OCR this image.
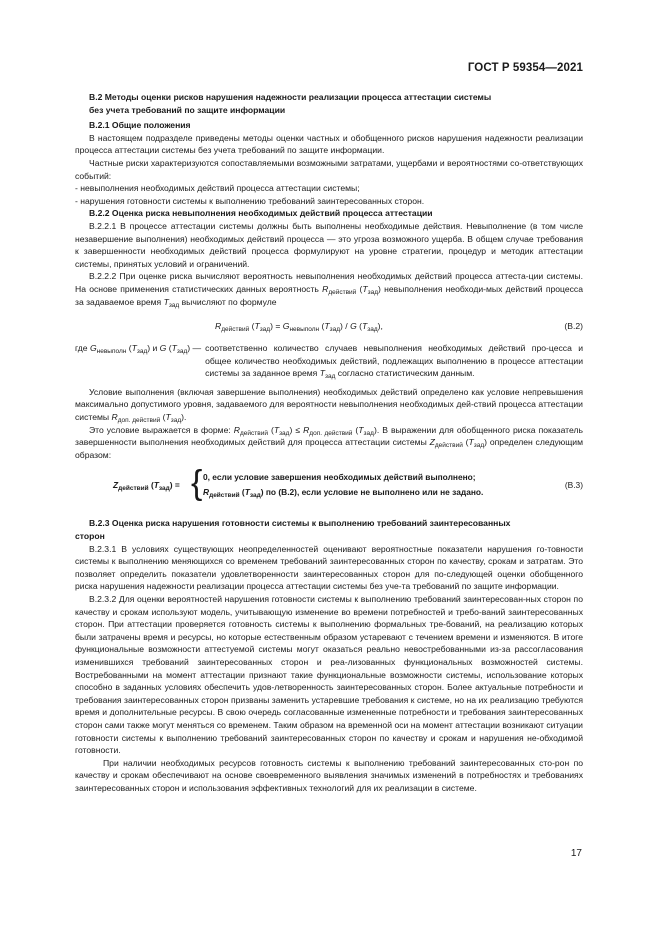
ГОСТ Р 59354—2021

В.2 Методы оценки рисков нарушения надежности реализации процесса аттестации системы

без учета требований по защите информации

В.2.1 Общие положения

В настоящем подразделе приведены методы оценки частных и обобщенного рисков нарушения надежности реализации процесса аттестации системы без учета требований по защите информации.

Частные риски характеризуются сопоставляемыми возможными затратами, ущербами и вероятностями со-ответствующих событий:

- невыполнения необходимых действий процесса аттестации системы;

- нарушения готовности системы к выполнению требований заинтересованных сторон.

В.2.2 Оценка риска невыполнения необходимых действий процесса аттестации

В.2.2.1 В процессе аттестации системы должны быть выполнены необходимые действия. Невыполнение (в том числе незавершение выполнения) необходимых действий процесса — это угроза возможного ущерба. В общем случае требования к завершенности необходимых действий процесса формулируют на уровне стратегии, процедур и методик аттестации системы, принятых условий и ограничений.

В.2.2.2 При оценке риска вычисляют вероятность невыполнения необходимых действий процесса аттеста-ции системы. На основе применения статистических данных вероятность $R_{действий}$ $(T_{зад})$ невыполнения необходи-мых действий процесса за задаваемое время $T_{зад}$ вычисляют по формуле

$R_{действий}$ $(T_{зад}) = G_{невыполн}$ $(T_{зад})$ / G $(T_{зад})$,	(В.2)
где $G_{невыполн}$ $(T_{зад})$ и G $(T_{зад})$ — соответственно количество случаев невыполнения необходимых действий про-цесса и общее количество необходимых действий, подлежащих выполнению в процессе аттестации системы за заданное время $T_{зад}$ согласно статистическим данным.

Условие выполнения (включая завершение выполнения) необходимых действий определено как условие непревышения максимально допустимого уровня, задаваемого для вероятности невыполнения необходимых дей-ствий процесса аттестации системы $R_{доп. действий}$ $(T_{зад})$.

Это условие выражается в форме: $R_{действий}$ $(T_{зад}) \le R_{доп. действий}$ $(T_{зад})$. В выражении для обобщенного риска показатель завершенности выполнения необходимых действий для процесса аттестации системы $Z_{действий}$ $(T_{зад})$ определен следующим образом:

$Z_{действий}$ $(T_{зад})$ = { 0, если условие завершения необходимых действий выполнено;
$R_{действий}$ $(T_{зад})$ по (В.2), если условие не выполнено или не задано.
(В.3)

В.2.3 Оценка риска нарушения готовности системы к выполнению требований заинтересованных

сторон

В.2.3.1 В условиях существующих неопределенностей оценивают вероятностные показатели нарушения го-товности системы к выполнению меняющихся со временем требований заинтересованных сторон по качеству, срокам и затратам. Это позволяет определить показатели удовлетворенности заинтересованных сторон для по-следующей оценки обобщенного риска нарушения надежности реализации процесса аттестации системы без уче-та требований по защите информации.

В.2.3.2 Для оценки вероятностей нарушения готовности системы к выполнению требований заинтересован-ных сторон по качеству и срокам используют модель, учитывающую изменение во времени потребностей и требо-ваний заинтересованных сторон. При аттестации проверяется готовность системы к выполнению формальных тре-бований, на реализацию которых были затрачены время и ресурсы, но которые естественным образом устаревают с течением времени и изменяются. В итоге функциональные возможности аттестуемой системы могут оказаться реально невостребованными из-за рассогласования изменившихся требований заинтересованных сторон и реа-лизованных функциональных возможностей системы. Востребованными на момент аттестации признают такие функциональные возможности системы, использование которых способно в заданных условиях обеспечить удов-летворенность заинтересованных сторон. Более актуальные потребности и требования заинтересованных сторон призваны заменить устаревшие требования к системе, но на их реализацию требуются время и дополнительные ресурсы. В свою очередь согласованные измененные потребности и требования заинтересованных сторон сами также могут меняться со временем. Таким образом на временной оси на момент аттестации возникают ситуации готовности системы к выполнению требований заинтересованных сторон по качеству и срокам и нарушения не-обходимой готовности.

При наличии необходимых ресурсов готовность системы к выполнению требований заинтересованных сто-рон по качеству и срокам обеспечивают на основе своевременного выявления значимых изменений в потребностях и требованиях заинтересованных сторон и использования эффективных технологий для их реализации в системе.

17
